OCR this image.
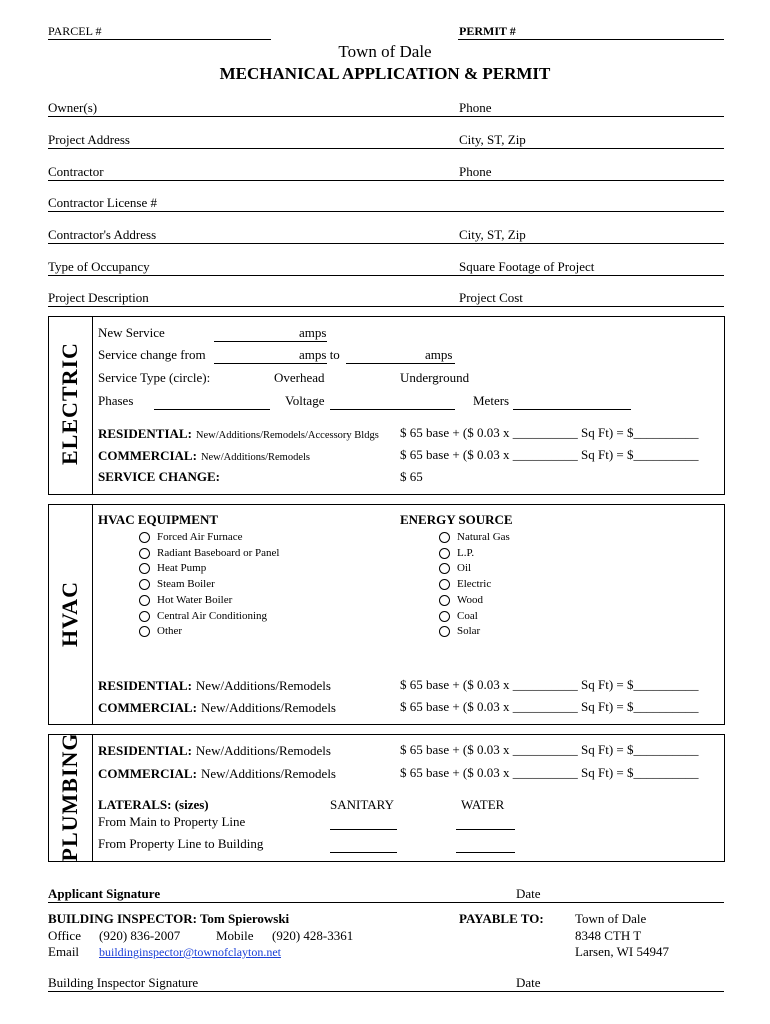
PARCEL #	PERMIT #
Town of Dale
MECHANICAL APPLICATION & PERMIT
Owner(s)	Phone
Project Address	City, ST, Zip
Contractor	Phone
Contractor License #
Contractor's Address	City, ST, Zip
Type of Occupancy	Square Footage of Project
Project Description	Project Cost
ELECTRIC
New Service	amps
Service change from	amps to	amps
Service Type (circle):	Overhead	Underground
Phases	Voltage	Meters
RESIDENTIAL: New/Additions/Remodels/Accessory Bldgs $ 65 base + ($ 0.03 x __________ Sq Ft) = $__________
COMMERCIAL: New/Additions/Remodels	$ 65 base + ($ 0.03 x __________ Sq Ft) = $__________
SERVICE CHANGE:	$ 65
HVAC
HVAC EQUIPMENT	ENERGY SOURCE
Forced Air Furnace
Radiant Baseboard or Panel
Heat Pump
Steam Boiler
Hot Water Boiler
Central Air Conditioning
Other
Natural Gas
L.P.
Oil
Electric
Wood
Coal
Solar
RESIDENTIAL: New/Additions/Remodels	$ 65 base + ($ 0.03 x __________ Sq Ft) = $__________
COMMERCIAL: New/Additions/Remodels	$ 65 base + ($ 0.03 x __________ Sq Ft) = $__________
PLUMBING RESIDENTIAL: New/Additions/Remodels	$ 65 base + ($ 0.03 x __________ Sq Ft) = $__________
COMMERCIAL: New/Additions/Remodels	$ 65 base + ($ 0.03 x __________ Sq Ft) = $__________
LATERALS: (sizes)	SANITARY	WATER
From Main to Property Line
From Property Line to Building
Applicant Signature	Date
BUILDING INSPECTOR: Tom Spierowski
Office (920) 836-2007	Mobile (920) 428-3361
Email buildinginspector@townofclayton.net
PAYABLE TO: Town of Dale
8348 CTH T
Larsen, WI 54947
Building Inspector Signature	Date
